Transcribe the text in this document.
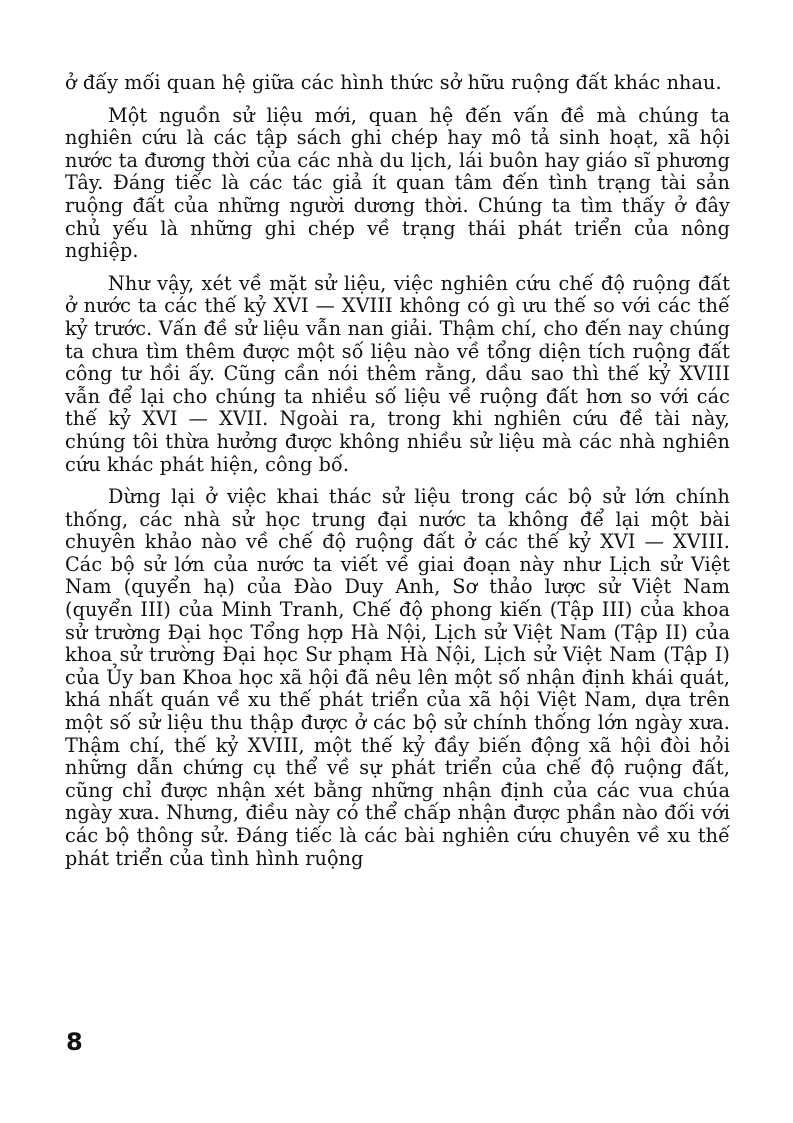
ở đấy mối quan hệ giữa các hình thức sở hữu ruộng đất khác nhau.

Một nguồn sử liệu mới, quan hệ đến vấn đề mà chúng ta nghiên cứu là các tập sách ghi chép hay mô tả sinh hoạt, xã hội nước ta đương thời của các nhà du lịch, lái buôn hay giáo sĩ phương Tây. Đáng tiếc là các tác giả ít quan tâm đến tình trạng tài sản ruộng đất của những người dương thời. Chúng ta tìm thấy ở đây chủ yếu là những ghi chép về trạng thái phát triển của nông nghiệp.

Như vậy, xét về mặt sử liệu, việc nghiên cứu chế độ ruộng đất ở nước ta các thế kỷ XVI — XVIII không có gì ưu thế so với các thế kỷ trước. Vấn đề sử liệu vẫn nan giải. Thậm chí, cho đến nay chúng ta chưa tìm thêm được một số liệu nào về tổng diện tích ruộng đất công tư hồi ấy. Cũng cần nói thêm rằng, dầu sao thì thế kỷ XVIII vẫn để lại cho chúng ta nhiều số liệu về ruộng đất hơn so với các thế kỷ XVI — XVII. Ngoài ra, trong khi nghiên cứu đề tài này, chúng tôi thừa hưởng được không nhiều sử liệu mà các nhà nghiên cứu khác phát hiện, công bố.

Dừng lại ở việc khai thác sử liệu trong các bộ sử lớn chính thống, các nhà sử học trung đại nước ta không để lại một bài chuyên khảo nào về chế độ ruộng đất ở các thế kỷ XVI — XVIII. Các bộ sử lớn của nước ta viết về giai đoạn này như Lịch sử Việt Nam (quyển hạ) của Đào Duy Anh, Sơ thảo lược sử Việt Nam (quyển III) của Minh Tranh, Chế độ phong kiến (Tập III) của khoa sử trường Đại học Tổng hợp Hà Nội, Lịch sử Việt Nam (Tập II) của khoa sử trường Đại học Sư phạm Hà Nội, Lịch sử Việt Nam (Tập I) của Ủy ban Khoa học xã hội đã nêu lên một số nhận định khái quát, khá nhất quán về xu thế phát triển của xã hội Việt Nam, dựa trên một số sử liệu thu thập được ở các bộ sử chính thống lớn ngày xưa. Thậm chí, thế kỷ XVIII, một thế kỷ đầy biến động xã hội đòi hỏi những dẫn chứng cụ thể về sự phát triển của chế độ ruộng đất, cũng chỉ được nhận xét bằng những nhận định của các vua chúa ngày xưa. Nhưng, điều này có thể chấp nhận được phần nào đối với các bộ thông sử. Đáng tiếc là các bài nghiên cứu chuyên về xu thế phát triển của tình hình ruộng

8
